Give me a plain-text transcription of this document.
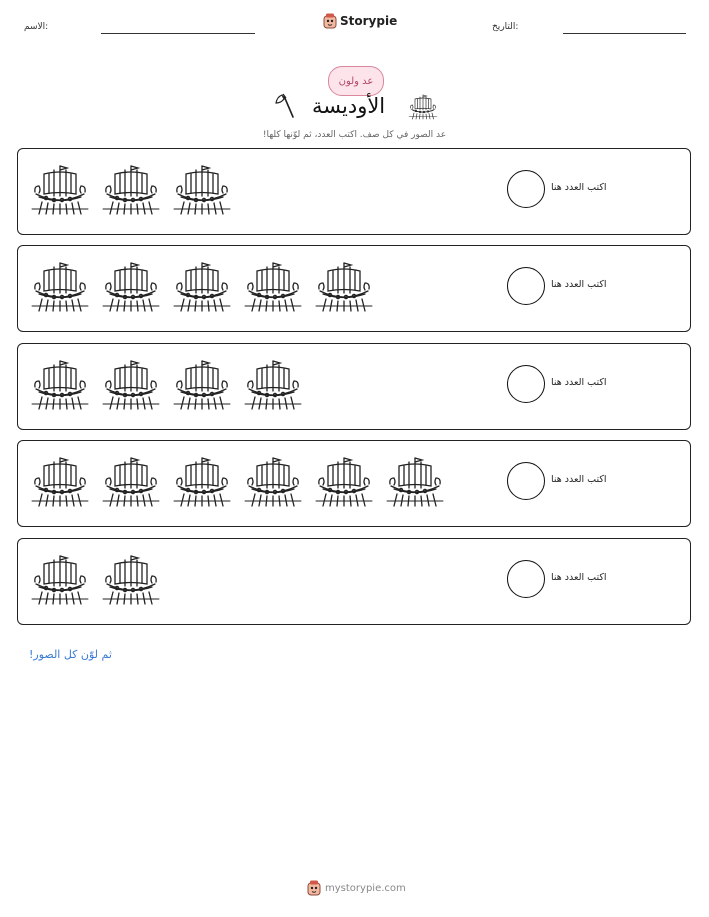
التاريخ:
الاسم:	Storypie
عد ولون
الأوديسة
عد الصور في كل صف. اكتب العدد، ثم لوّنها كلها!
اكتب العدد هنا
اكتب العدد هنا
اكتب العدد هنا
اكتب العدد هنا
اكتب العدد هنا
ثم لوّن كل الصور!
mystorypie.com
